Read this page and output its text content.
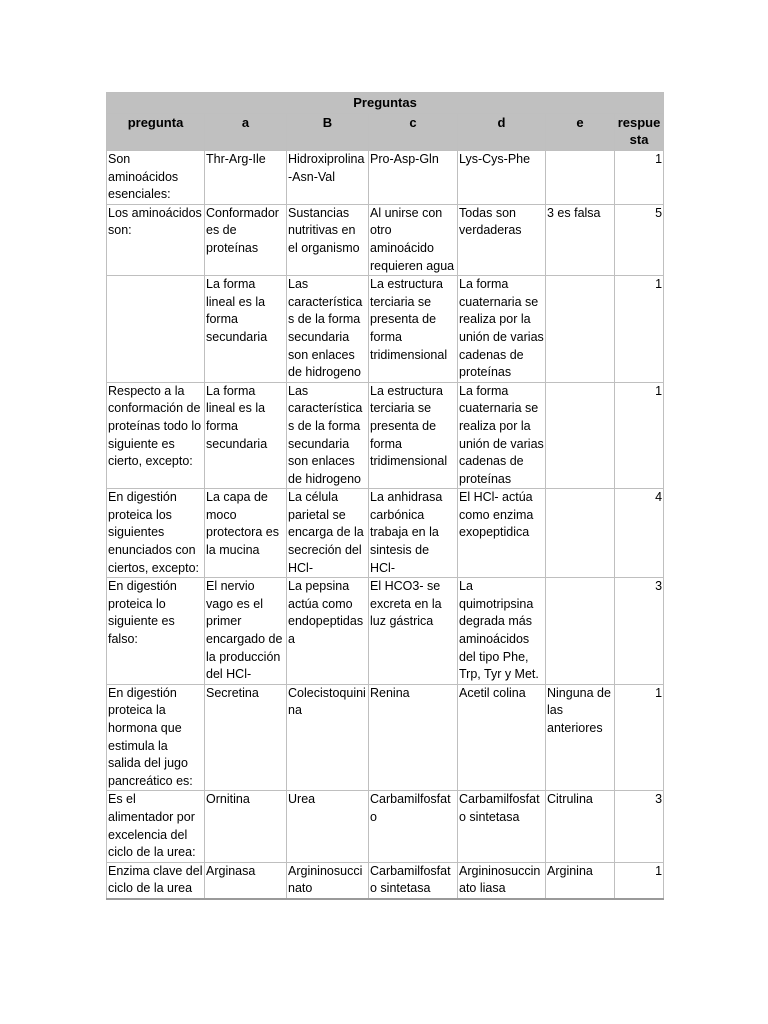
Preguntas						
pregunta	a	B	c	d	e	respue sta
Son aminoácidos esenciales:	Thr-Arg-Ile	Hidroxiprolina-Asn-Val	Pro-Asp-Gln	Lys-Cys-Phe		1
Los aminoácidos son:	Conformador es de proteínas	Sustancias nutritivas en el organismo	Al unirse con otro aminoácido requieren agua	Todas son verdaderas	3 es falsa	5
	La forma lineal es la forma secundaria	Las características de la forma secundaria son enlaces de hidrogeno	La estructura terciaria se presenta de forma tridimensional	La forma cuaternaria se realiza por la unión de varias cadenas de proteínas		1
Respecto a la conformación de proteínas todo lo siguiente es cierto, excepto:	La forma lineal es la forma secundaria	Las características de la forma secundaria son enlaces de hidrogeno	La estructura terciaria se presenta de forma tridimensional	La forma cuaternaria se realiza por la unión de varias cadenas de proteínas		1
En digestión proteica los siguientes enunciados con ciertos, excepto:	La capa de moco protectora es la mucina	La célula parietal se encarga de la secreción del HCl-	La anhidrasa carbónica trabaja en la sintesis de HCl-	El HCl- actúa como enzima exopeptidica		4
En digestión proteica lo siguiente es falso:	El nervio vago es el primer encargado de la producción del HCl-	La pepsina actúa como endopeptidasa	El HCO3- se excreta en la luz gástrica	La quimotripsina degrada más aminoácidos del tipo Phe, Trp, Tyr y Met.		3
En digestión proteica la hormona que estimula la salida del jugo pancreático es:	Secretina	Colecistoquinina	Renina	Acetil colina	Ninguna de las anteriores	1
Es el alimentador por excelencia del ciclo de la urea:	Ornitina	Urea	Carbamilfosfato	Carbamilfosfato sintetasa	Citrulina	3
Enzima clave del ciclo de la urea	Arginasa	Argininosuccinato	Carbamilfosfato sintetasa	Argininosuccinato liasa	Arginina	1
